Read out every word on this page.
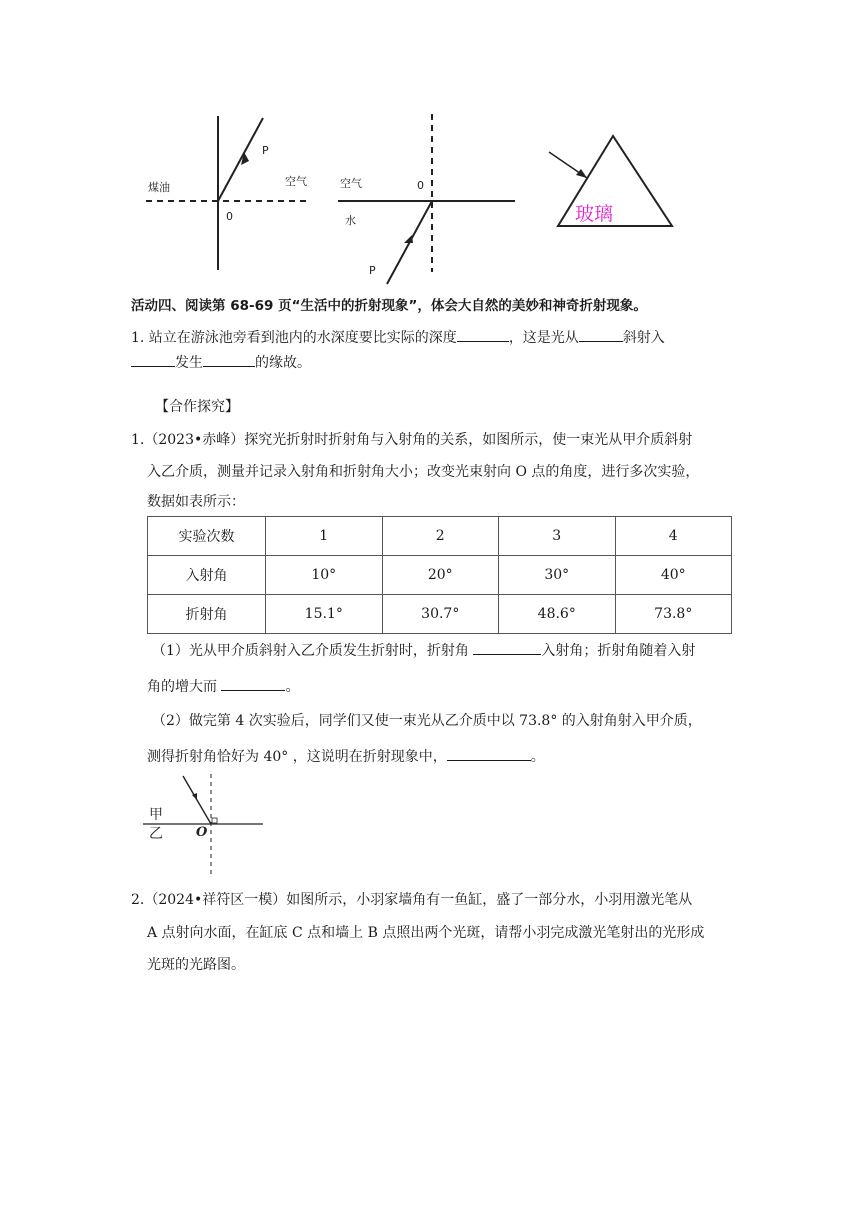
煤油	空气
0
P
空气	0
水
P
玻璃
活动四、阅读第 68-69 页“生活中的折射现象”，体会大自然的美妙和神奇折射现象。
1. 站立在游泳池旁看到池内的水深度要比实际的深度	，这是光从	斜射入
发生	的缘故。
【合作探究】
1.（2023•赤峰）探究光折射时折射角与入射角的关系，如图所示，使一束光从甲介质斜射
入乙介质，测量并记录入射角和折射角大小；改变光束射向 O 点的角度，进行多次实验，
数据如表所示：
实验次数	1	2	3	4
入射角	10°	20°	30°	40°
折射角	15.1°	30.7°	48.6°	73.8°
（1）光从甲介质斜射入乙介质发生折射时，折射角	入射角；折射角随着入射
角的增大而	。
（2）做完第 4 次实验后，同学们又使一束光从乙介质中以 73.8° 的入射角射入甲介质，
测得折射角恰好为 40° ，这说明在折射现象中，	。
甲
乙	O
2.（2024•祥符区一模）如图所示，小羽家墙角有一鱼缸，盛了一部分水，小羽用激光笔从
A 点射向水面，在缸底 C 点和墙上 B 点照出两个光斑，请帮小羽完成激光笔射出的光形成
光斑的光路图。
